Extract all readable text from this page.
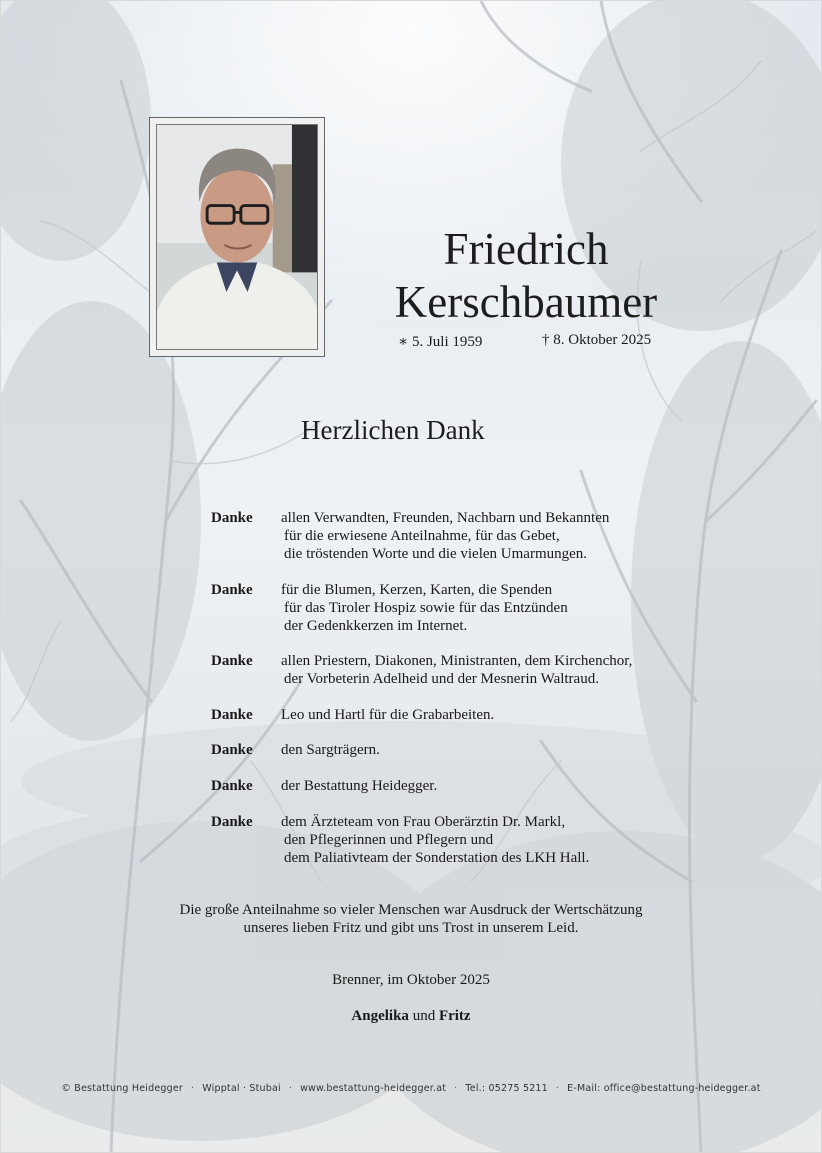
Friedrich
Kerschbaumer
∗ 5. Juli 1959	† 8. Oktober 2025
Herzlichen Dank
Danke	allen Verwandten, Freunden, Nachbarn und Bekannten
für die erwiesene Anteilnahme, für das Gebet,
die tröstenden Worte und die vielen Umarmungen.
Danke	für die Blumen, Kerzen, Karten, die Spenden
für das Tiroler Hospiz sowie für das Entzünden
der Gedenkkerzen im Internet.
Danke	allen Priestern, Diakonen, Ministranten, dem Kirchenchor,
der Vorbeterin Adelheid und der Mesnerin Waltraud.
Danke	Leo und Hartl für die Grabarbeiten.
Danke	den Sargträgern.
Danke	der Bestattung Heidegger.
Danke	dem Ärzteteam von Frau Oberärztin Dr. Markl,
den Pflegerinnen und Pflegern und
dem Paliativteam der Sonderstation des LKH Hall.
Die große Anteilnahme so vieler Menschen war Ausdruck der Wertschätzung
unseres lieben Fritz und gibt uns Trost in unserem Leid.
Brenner, im Oktober 2025
Angelika und Fritz
© Bestattung Heidegger · Wipptal · Stubai · www.bestattung-heidegger.at · Tel.: 05275 5211 · E-Mail: office@bestattung-heidegger.at
